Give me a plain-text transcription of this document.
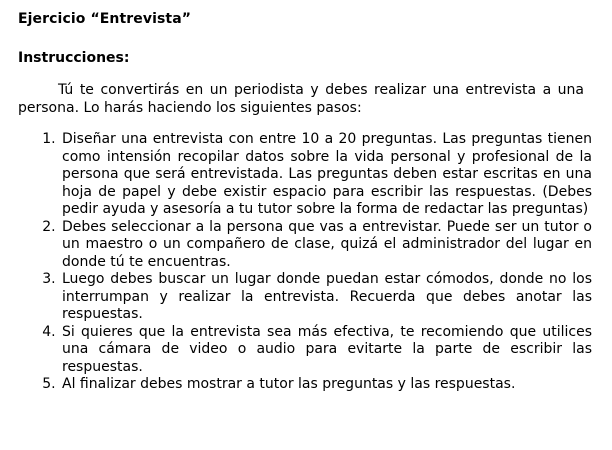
Ejercicio “Entrevista”

Instrucciones:

Tú te convertirás en un periodista y debes realizar una entrevista a una persona. Lo harás haciendo los siguientes pasos:

1. Diseñar una entrevista con entre 10 a 20 preguntas. Las preguntas tienen como intensión recopilar datos sobre la vida personal y profesional de la persona que será entrevistada. Las preguntas deben estar escritas en una hoja de papel y debe existir espacio para escribir las respuestas. (Debes pedir ayuda y asesoría a tu tutor sobre la forma de redactar las preguntas)
2. Debes seleccionar a la persona que vas a entrevistar. Puede ser un tutor o un maestro o un compañero de clase, quizá el administrador del lugar en donde tú te encuentras.
3. Luego debes buscar un lugar donde puedan estar cómodos, donde no los interrumpan y realizar la entrevista. Recuerda que debes anotar las respuestas.
4. Si quieres que la entrevista sea más efectiva, te recomiendo que utilices una cámara de video o audio para evitarte la parte de escribir las respuestas.
5. Al finalizar debes mostrar a tutor las preguntas y las respuestas.
